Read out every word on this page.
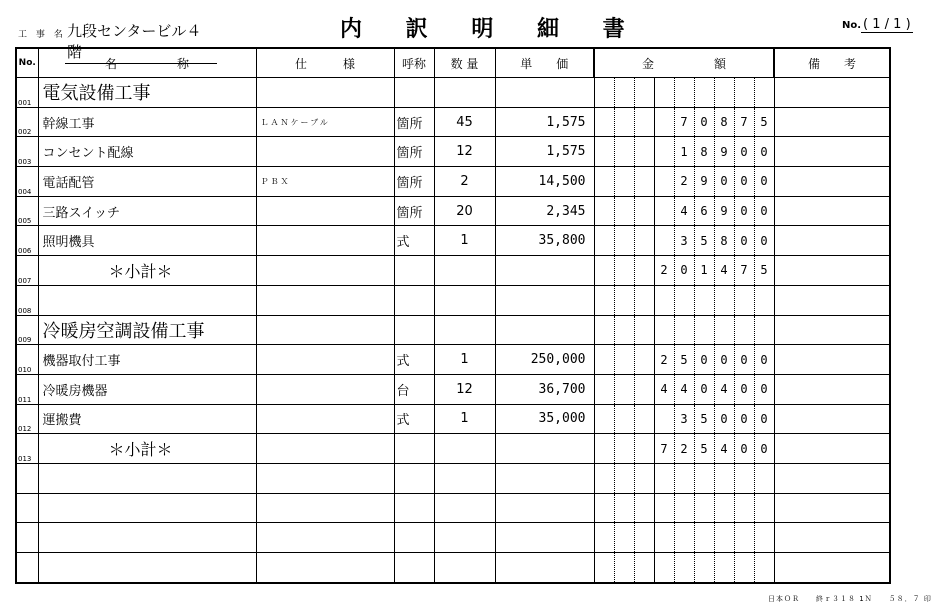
工 事 名 九段センタービル４階
内 訳 明 細 書	No. ( 1 / 1 )
No.	名　　　　　称	仕　　　様	呼称	数 量	単　　価	金　　　　　額									備　　考
001	電気設備工事														
002	幹線工事	ＬＡＮケーブル	箇所	45	1,575					7	0	8	7	5	
003	コンセント配線		箇所	12	1,575					1	8	9	0	0	
004	電話配管	ＰＢＸ	箇所	2	14,500					2	9	0	0	0	
005	三路スイッチ		箇所	20	2,345					4	6	9	0	0	
006	照明機具		式	1	35,800					3	5	8	0	0	
007	＊小計＊								2	0	1	4	7	5	
008															
009	冷暖房空調設備工事														
010	機器取付工事		式	1	250,000				2	5	0	0	0	0	
011	冷暖房機器		台	12	36,700				4	4	0	4	0	0	
012	運搬費		式	1	35,000					3	5	0	0	0	
013	＊小計＊								7	2	5	4	0	0	

日本ＯＲ　　終ｒ３１８ 1Ｎ　　５８．７ 印
